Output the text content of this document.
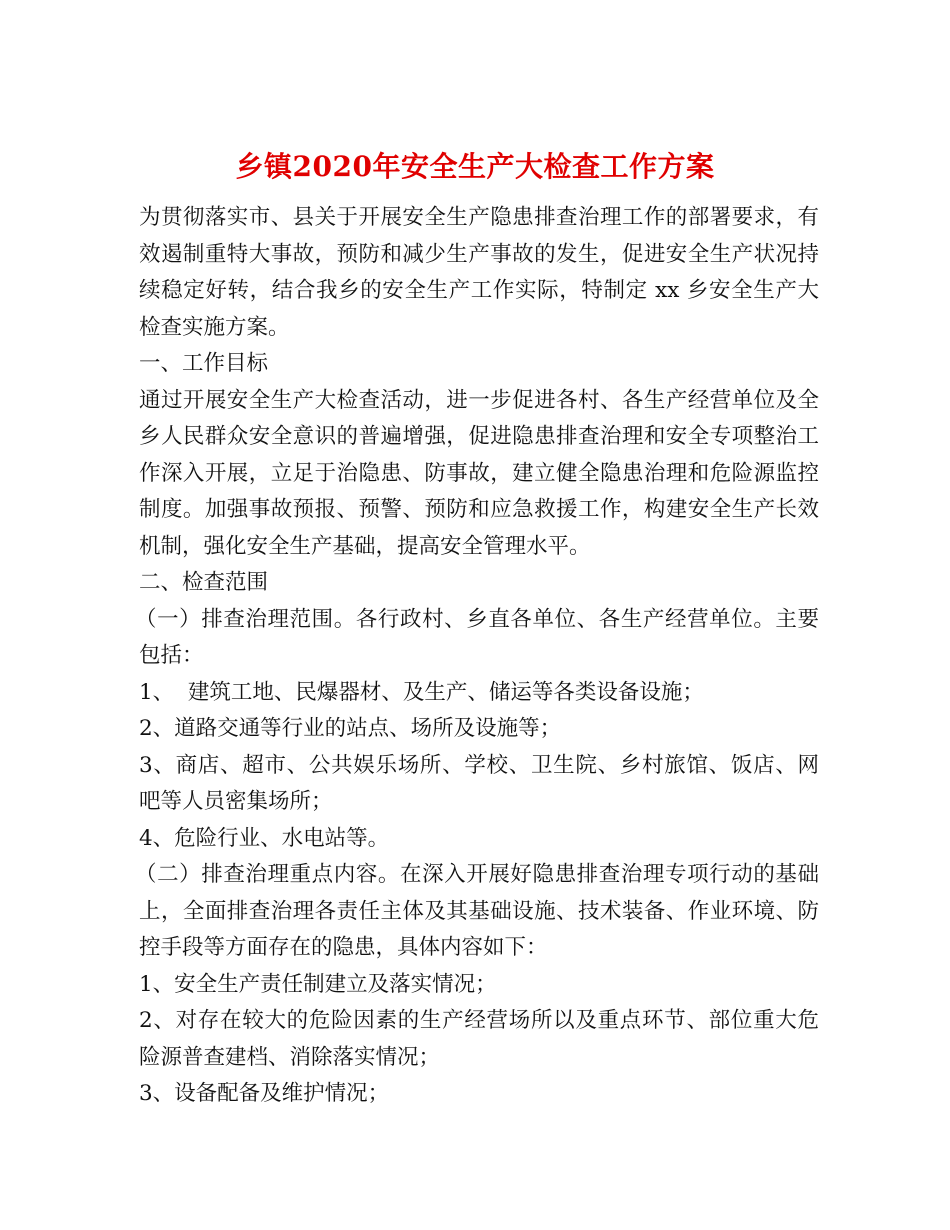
乡镇2020年安全生产大检查工作方案

为贯彻落实市、县关于开展安全生产隐患排查治理工作的部署要求，有效遏制重特大事故，预防和减少生产事故的发生，促进安全生产状况持续稳定好转，结合我乡的安全生产工作实际，特制定 xx 乡安全生产大检查实施方案。

一、工作目标

通过开展安全生产大检查活动，进一步促进各村、各生产经营单位及全乡人民群众安全意识的普遍增强，促进隐患排查治理和安全专项整治工作深入开展，立足于治隐患、防事故，建立健全隐患治理和危险源监控制度。加强事故预报、预警、预防和应急救援工作，构建安全生产长效机制，强化安全生产基础，提高安全管理水平。

二、检查范围

（一）排查治理范围。各行政村、乡直各单位、各生产经营单位。主要包括：

1、  建筑工地、民爆器材、及生产、储运等各类设备设施；

2、道路交通等行业的站点、场所及设施等；

3、商店、超市、公共娱乐场所、学校、卫生院、乡村旅馆、饭店、网吧等人员密集场所；

4、危险行业、水电站等。

（二）排查治理重点内容。在深入开展好隐患排查治理专项行动的基础上，全面排查治理各责任主体及其基础设施、技术装备、作业环境、防控手段等方面存在的隐患，具体内容如下：

1、安全生产责任制建立及落实情况；

2、对存在较大的危险因素的生产经营场所以及重点环节、部位重大危险源普查建档、消除落实情况；

3、设备配备及维护情况；
